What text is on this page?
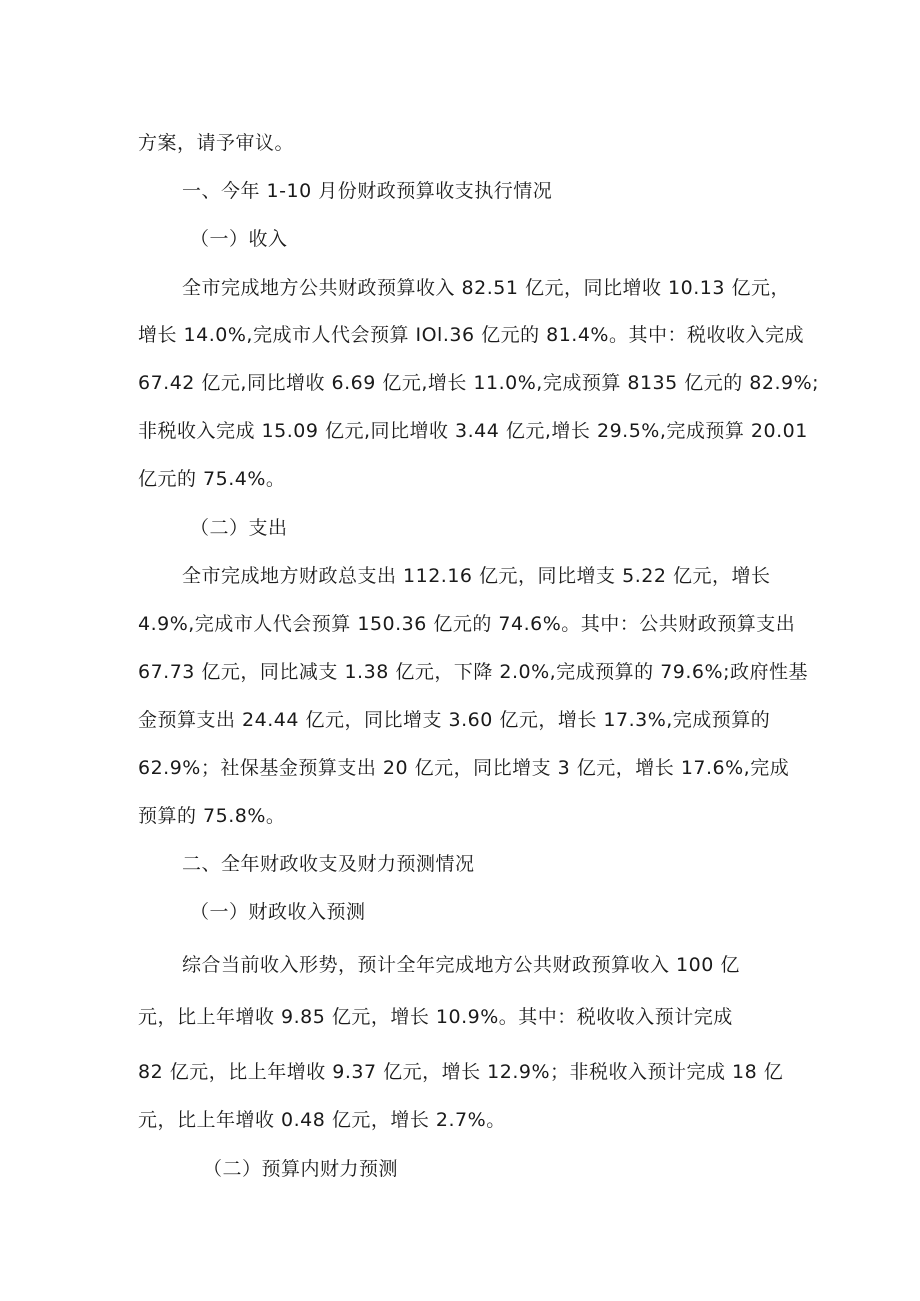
方案，请予审议。

一、今年 1-10 月份财政预算收支执行情况

（一）收入

全市完成地方公共财政预算收入 82.51 亿元，同比增收 10.13 亿元，

增长 14.0%,完成市人代会预算 IOl.36 亿元的 81.4%。其中：税收收入完成

67.42 亿元,同比增收 6.69 亿元,增长 11.0%,完成预算 8135 亿元的 82.9%;

非税收入完成 15.09 亿元,同比增收 3.44 亿元,增长 29.5%,完成预算 20.01

亿元的 75.4%。

（二）支出

全市完成地方财政总支出 112.16 亿元，同比增支 5.22 亿元，增长

4.9%,完成市人代会预算 150.36 亿元的 74.6%。其中：公共财政预算支出

67.73 亿元，同比减支 1.38 亿元，下降 2.0%,完成预算的 79.6%;政府性基

金预算支出 24.44 亿元，同比增支 3.60 亿元，增长 17.3%,完成预算的

62.9%；社保基金预算支出 20 亿元，同比增支 3 亿元，增长 17.6%,完成

预算的 75.8%。

二、全年财政收支及财力预测情况

（一）财政收入预测

综合当前收入形势，预计全年完成地方公共财政预算收入 100 亿

元，比上年增收 9.85 亿元，增长 10.9%。其中：税收收入预计完成

82 亿元，比上年增收 9.37 亿元，增长 12.9%；非税收入预计完成 18 亿

元，比上年增收 0.48 亿元，增长 2.7%。

（二）预算内财力预测
